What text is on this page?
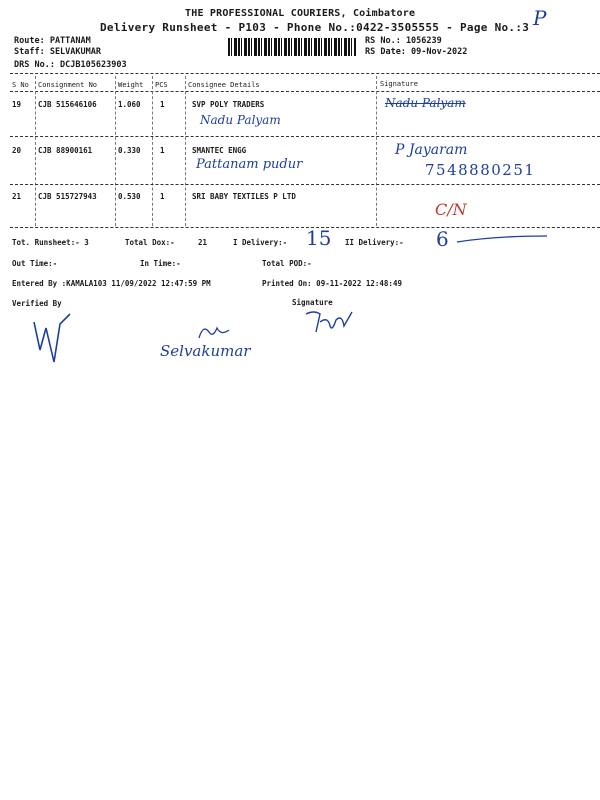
THE PROFESSIONAL COURIERS, Coimbatore	P
Delivery Runsheet - P103 - Phone No.:0422-3505555 - Page No.:3
Route: PATTANAM
Staff: SELVAKUMAR
DRS No.: DCJB105623903
RS No.: 1056239
RS Date: 09-Nov-2022
S No Consignment No	Weight PCS	Consignee Details	Signature
19 CJB 515646106	1.060	1	SVP POLY TRADERS
Nadu Palyam
Nadu Palyam
20 CJB 88900161	0.330	1	SMANTEC ENGG
Pattanam pudur
P Jayaram
7548880251
21 CJB 515727943	0.530	1	SRI BABY TEXTILES P LTD
C/N
Tot. Runsheet:- 3	Total Dox:-	21	I Delivery:- 15 II Delivery:- 6
Out Time:-	In Time:-	Total POD:-
Entered By :KAMALA103 11/09/2022 12:47:59 PM	Printed On: 09-11-2022 12:48:49
Verified By	Signature
Selvakumar
